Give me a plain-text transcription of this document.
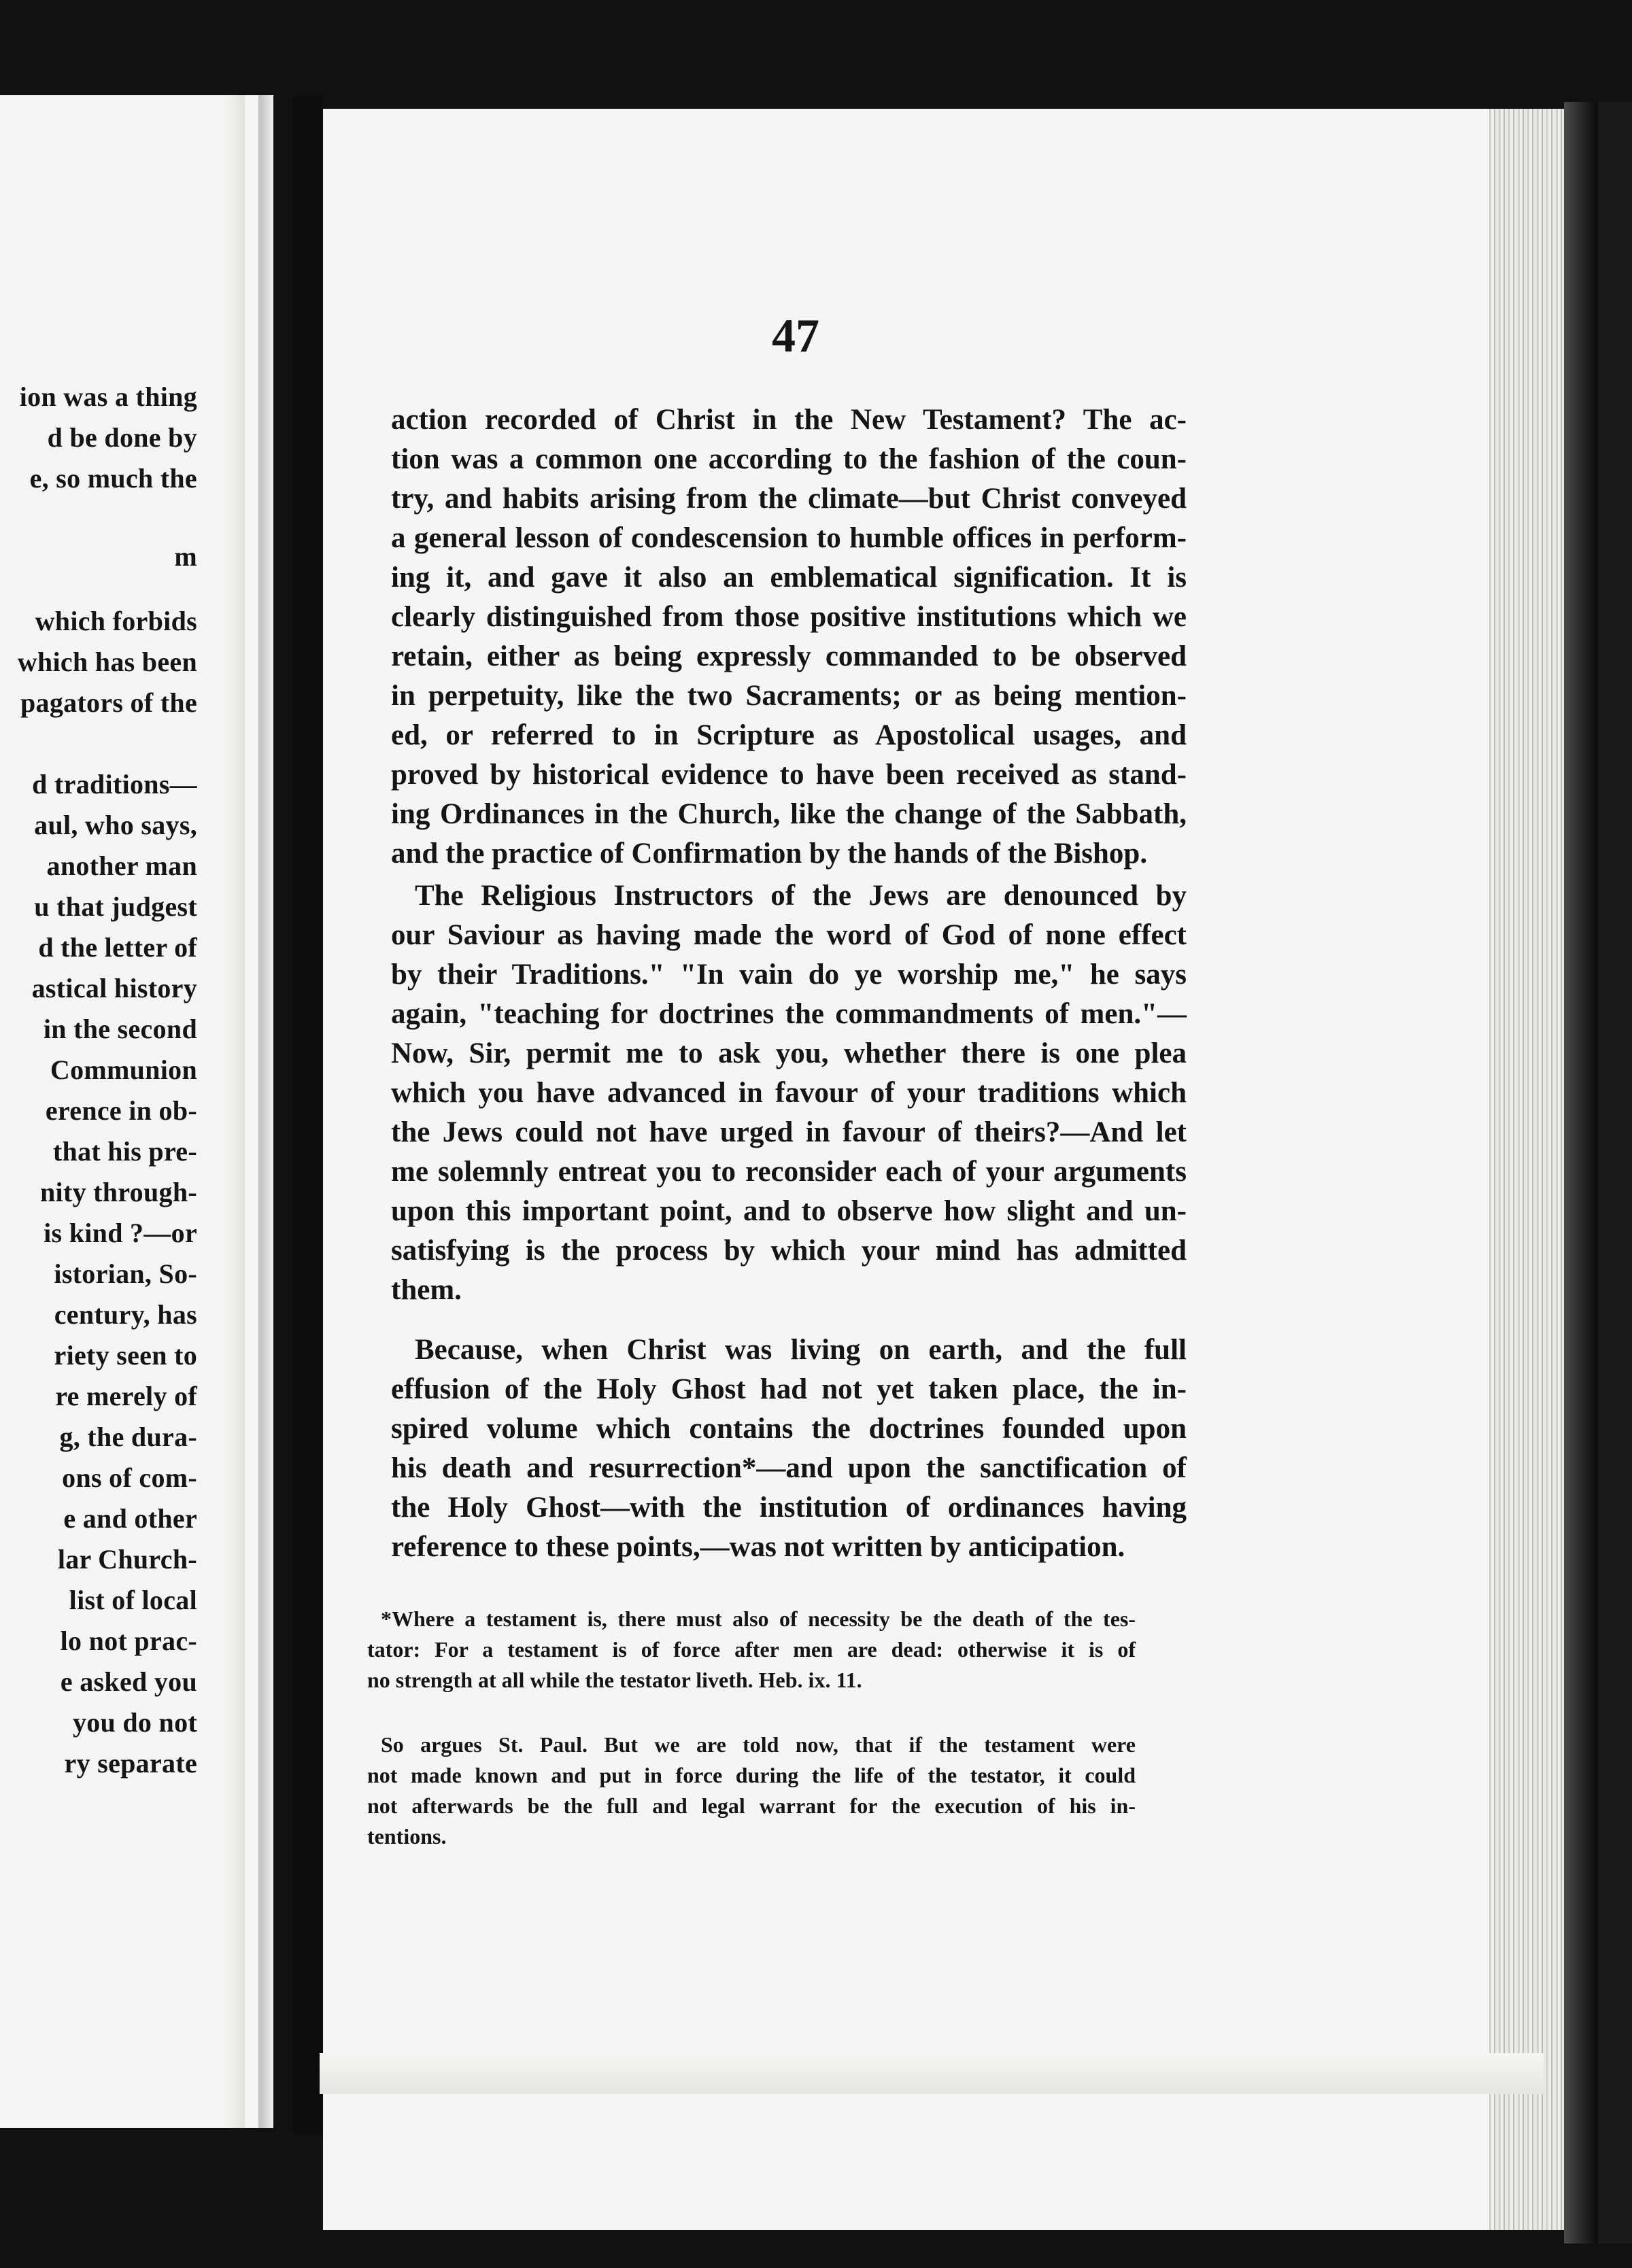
ion was a thing
d be done by
e, so much the
m
which forbids
which has been
pagators of the
d traditions—
aul, who says,
another man
u that judgest
d the letter of
astical history
in the second
Communion
erence in ob-
that his pre-
nity through-
is kind ?—or
istorian, So-
century, has
riety seen to
re merely of
g, the dura-
ons of com-
e and other
lar Church-
list of local
lo not prac-
e asked you
you do not
ry separate
47
action recorded of Christ in the New Testament? The ac-
tion was a common one according to the fashion of the coun-
try, and habits arising from the climate—but Christ conveyed
a general lesson of condescension to humble offices in perform-
ing it, and gave it also an emblematical signification. It is
clearly distinguished from those positive institutions which we
retain, either as being expressly commanded to be observed
in perpetuity, like the two Sacraments; or as being mention-
ed, or referred to in Scripture as Apostolical usages, and
proved by historical evidence to have been received as stand-
ing Ordinances in the Church, like the change of the Sabbath,
and the practice of Confirmation by the hands of the Bishop.
The Religious Instructors of the Jews are denounced by
our Saviour as having made the word of God of none effect
by their Traditions." "In vain do ye worship me," he says
again, "teaching for doctrines the commandments of men."—
Now, Sir, permit me to ask you, whether there is one plea
which you have advanced in favour of your traditions which
the Jews could not have urged in favour of theirs?—And let
me solemnly entreat you to reconsider each of your arguments
upon this important point, and to observe how slight and un-
satisfying is the process by which your mind has admitted
them.
Because, when Christ was living on earth, and the full
effusion of the Holy Ghost had not yet taken place, the in-
spired volume which contains the doctrines founded upon
his death and resurrection*—and upon the sanctification of
the Holy Ghost—with the institution of ordinances having
reference to these points,—was not written by anticipation.
*Where a testament is, there must also of necessity be the death of the tes-
tator: For a testament is of force after men are dead: otherwise it is of
no strength at all while the testator liveth. Heb. ix. 11.
So argues St. Paul. But we are told now, that if the testament were
not made known and put in force during the life of the testator, it could
not afterwards be the full and legal warrant for the execution of his in-
tentions.
